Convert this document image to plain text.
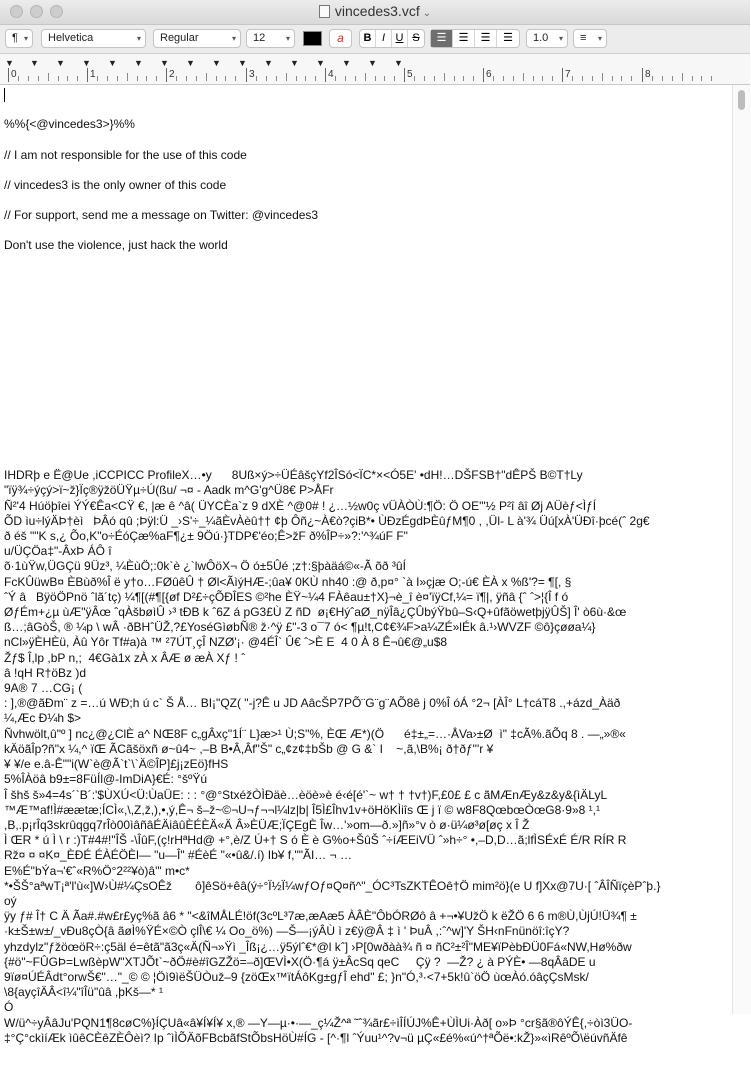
vincedes3.vcf ⌄
¶ ▾	Helvetica	▾	Regular	▾	12	▾	a	B I U S	☰	☰	☰	☰	1.0 ▾	≡ ▾
0	1	2	3	4	5	6	7	8
▼ ▼ ▼ ▼ ▼ ▼ ▼ ▼ ▼ ▼ ▼ ▼ ▼ ▼ ▼
▼

%%{<@vincedes3>}%%
// I am not responsible for the use of this code
// vincedes3 is the only owner of this code
// For support, send me a message on Twitter: @vincedes3
Don't use the violence, just hack the world

IHDRþ e Ë@Ue ,iCCPICC ProfileX…•y      8Uß×ý>÷ÜÉâšçYf2ÎSó<ÏC*×<Ó5E' •dH!…DŠFSB†"dÊPŠ B©T†Ly
"ïÿ¾÷ýçý>ï~ž}Ïç®ÿžöÜŸµ÷Ú(ßu/ ¬¤ - Aadk m^G'g^Ü8€ P>ÅFr
Ñ²'4 Húöþîei ÝÝ€Êa<CŸ €, |æ ê ^â( ÜYCÈa`z 9 dXÈ ^@0# ! ¿…½w0ç vÜÀÒÙ:¶Ö: Ö OE'"½ P²î âî Øj AÜèƒ<ÌƒÍ
ÕD ìu÷lýÄÞ†èì   ÞÂó qû ;Þÿl:Ü _›S'÷_¼ãÈvÀèû†† ¢þ Ôñ¿~À€ò?çiB*• ÙÐzÉgdÞÈûƒM¶0 , ,Ül- L à'¾ Üú[xÀ'ÜÐî·þcé(ˆ 2g€
ð éš ""K s,¿ Õo,K"o÷ÉóÇæ%aF¶¿± 9Öú·}TDP€'éo;Ê>žF ð%ÎP÷»?:'^¾úF F"
u/ÜÇÖa‡"-ÂxÞ ÁÔ î
õ·1ùŸw,ÜGÇü 9Üz³, ¼ÈùÖ;:0k`è ¿`lwÔöX¬ Ö ó±5Ûé ;z†:§þàäá©«-Ã õð ³ûÍ
FcKÛüwB¤ ÈBùð%Î ë y†o…FØûêÛ † Øl<ÃìýHÆ-;ûa¥ 0KÙ nh40 :@ ð,p¤° `à I»çjæ O;-ú€ ÈÀ x %ß'?= ¶[, §
ˆÝ â   BÿöÖPnö ˆlã´tç) ¼¶[(#¶[{øf D²£÷çÕÐÎES ©²he ÈŸ~¼4 FÀêau±†X}¬è_î è¤'ïÿCf,¼= ï¶|, ÿñâ {ˆ ˆ>¦{Î f ó
ØƒÉm+¿µ ùÆ"ÿÂœ ˆqÀšbøìÛ ›³ tÐB k ˆ6Z á pG3£Ù Z ñD  ø¡€HýˆaØ_nÿÎâ¿ÇÛbýŸbû–S‹Q+ûfãöwetþjÿÛŠ] Î' ò6ù·&œ
ß…;âGòŠ, ® ¼p \ wÂ ·ðBHˆÜŽ,?£YoséGìøbÑ® ž·^ÿ £"-3 o¯7 ó< ¶µ!t,C¢€¾F>a¼ZÉ»lÉk â.¹›WVZF ©ô}çøøa¼}
nCl»ÿÈHÈü, Àû Yôr Tf#a)à ™ ²7ÚT¸çÎ NZØ'¡· @4ÉÎ` Û€ ˆ>È E  4 0 À 8 Ê¬û€@„u$8
Žƒ$ Î,lp ,bP n,;  4€Gà1x zÀ x ÂÆ ø æÀ Xƒ ! ˆ
â !qH R†öBz )d
9A® 7 …CG¡ (
: ],®@ãÐm¨ z =…ú WÐ;h ú c` Š Å… BI¡"QZ( "-j?Ê u JD AâcŠP7PÕ¨G¨g¨AÕ8ê j 0%Î óÁ °2¬ [ÀÎ° L†cáT8 .,+ázd_Àäð
¼,Æc Ð¼h $>
Ñvhwölt,û"º ] nc¿@¿ClÈ a^ NŒ8F c„gÂxç"1Í¨ L}æ>¹ Ù;S"%, ÈŒ Æ*)(Ö      é‡±„=…·ÅVa›±Ø  ì" ‡cÃ%.ãÕq 8 . —„»®«
kÄöãÎp?ñ"x ¼,^ ïŒ ÃCãšöxñ ø~û4~ ,–B B•Â,Âf"Š" c„¢z¢‡bŠb @ G &` I    ~,ã,\B%¡ ð†ðƒ"'r ¥
¥ ¥/e e.â-Ê""i(W`è@Ã`t`\`Ä©ÎP]£j¡zEö}fHS
5%ÎÀöâ b9±=8FüÍl@-ImDiA}€É: °šºŸú
Î šhš š»4=4s´`B´:'$ÙXÚ<Ü:ÙaÜE: : : °@°StxéžÒÌÐäè…èöè»è é‹é[é'`~ w† † †v†)F,£0£ £ c ãMÆnÆy&z&y&{ìÄLyL
™Æ™af!Ì#æætæ;ÍCÌ«,\,Z,ž,),•,ý,Ê¬ š–ž~©¬U¬ƒ¬¬l¼lz|b| Î5Ì£Îhv1v+öHöKÌiîs Œ j ï © w8F8QœbœÒœG8·9»8 ¹,¹
,B,.p¡rÎq3skrûqgq7rÎò00ìâñâÉÄiâûÈÉÈÄ«Ä Â»ÈÜÆ;ÏÇEgÈ Îw…'»om—ð.»]ñ»°v ò ø·ü¼ø³ø[øç x Î Ž
Ì ŒR * ú Ì \ r :)T#4#!"ÎŠ -\ÎûF,(ç!rHªHd@ +°,è/Z Ú+† S ó È è G%o+ŠûŠ ˆ÷íÆEiVÜ ˆ»h÷° •,–D,D…ã;lfÌSÉxÉ É/R RÍR R
Rž¤ ¤ ¤K¤_ÈÐÉ ÉÀÉÖÈl— "u—Î" #ÉèÉ "«•û&/.í) Ib¥ f,""ÃI… ¬ …
E%É"bÝa¬'€ˆ«R%Ö°2²²¥ò)â'" m•c*
*•ŠŠ°aªwT¡ª'l'ù«]W›Ù#¼ÇsOÊž       ô]êSö+êâ(ý÷°Ï½Ï¼wƒOƒ¤Q¤ñ^"_ÓC³TsZKTÊOê†Ö mim²ö}(e U f]Xx@7U·[ ˆÂÎÑïçèPˆþ.}
oý
ÿy ƒ# Î† C Ä Ãa#.#w£r£yç%ã â6 * "<&îMÅLÉ!öf(3cºL³7æ,æAæ5 ÀÂÈ"ÔbÓRØô â +¬•¥UžÖ k ëŽÖ 6 6 m®Ù,ÙjÚ!Ü¾¶ ±
·k±Š±w±/_vÐu8çÒ{â ãøÌ%ŸÉ×©Ò çlÎ\€ ¼ Oo_ö%) —Š—¡ýÂÙ ì z€ÿ@Â ‡ ì ' ÞuÂ ,:ˆ^w]'Y ŠH‹nFnünöî:îçY?
yhzdylz"ƒžöœöR÷:ç5äl é=êtã"ã3ç«Ä(Ñ¬»Ÿì _Îß¡¿…ÿ5ýlˆ€*@l kˆ] ›P[0wðàà¾ ñ ¤ ñC²±²Î"ME¥ïPèbÐÜ0Fá«NW,Hø%ðw
{#ö"~FÛGÞ=LwßèpW"XTJÕt`~ðÖ#è#îGZŽö=–ð]ŒVÌ•X(Ö·¶á ÿ±ÂcSq qeC     Çÿ ?  —Ž? ¿ à PÝÈ• —8qÂâDE u
9ïø¤ÚÉÂdt°orwŠ€"…"_© © ¦Öì9ìëŠÜÒuž–9 {zöŒx™ïtÁôKg±gƒÎ ehd" £; }n"Ó,³·<7+5k!û`öÖ ùœÀó.óâçÇsMsk/
\8{ayçîÄÂ<î¼"îÎü"ûâ ,þKš—* ¹
Ó
W/ü^÷yÂâJu'PQN1¶8cøC%}ÍÇUâ«â¥Í¥Í¥ x,® —Y—µ·•·—_ç¼Ž^ª ˜ˆ¾ãr£÷ìÎÍÚJ%Ê+ÙÌUi·Àð[ o»Þ °cr§ã®ôÝÊ{,÷òì3ÜO-
‡°Ç°ckìíÆk ìûêCÈêZÈÔèì? Ip ˆìÌÕÄõFBcbãfStÕbsHöÙ#ÍG - [^·¶l ˆÝuu¹^?v¬ü µÇ«£é%«ú^†ªÕë•:kŽ}»«ìRêºÕ\ëúvñÄfê
